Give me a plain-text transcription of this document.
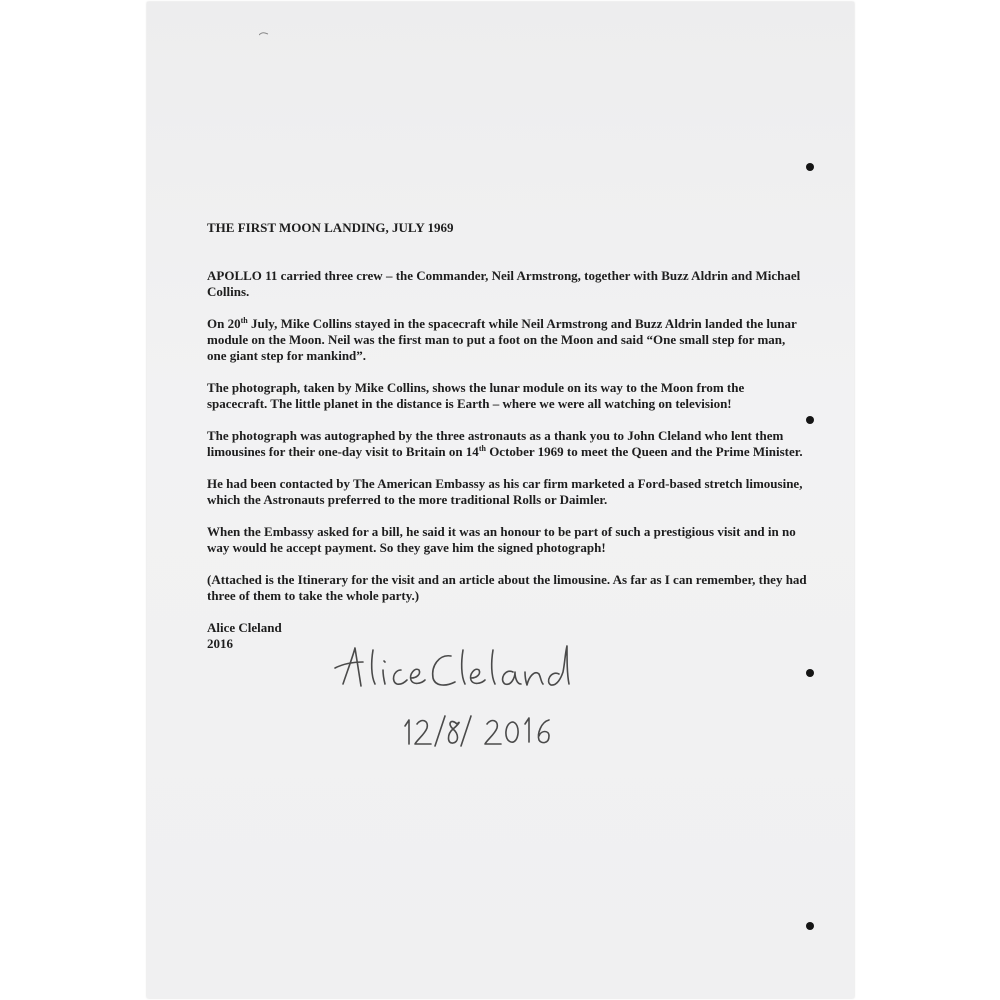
THE FIRST MOON LANDING, JULY 1969

APOLLO 11 carried three crew – the Commander, Neil Armstrong, together with Buzz Aldrin and Michael Collins.

On 20th July, Mike Collins stayed in the spacecraft while Neil Armstrong and Buzz Aldrin landed the lunar module on the Moon. Neil was the first man to put a foot on the Moon and said “One small step for man, one giant step for mankind”.

The photograph, taken by Mike Collins, shows the lunar module on its way to the Moon from the spacecraft. The little planet in the distance is Earth – where we were all watching on television!

The photograph was autographed by the three astronauts as a thank you to John Cleland who lent them limousines for their one-day visit to Britain on 14th October 1969 to meet the Queen and the Prime Minister.

He had been contacted by The American Embassy as his car firm marketed a Ford-based stretch limousine, which the Astronauts preferred to the more traditional Rolls or Daimler.

When the Embassy asked for a bill, he said it was an honour to be part of such a prestigious visit and in no way would he accept payment. So they gave him the signed photograph!

(Attached is the Itinerary for the visit and an article about the limousine. As far as I can remember, they had three of them to take the whole party.)

Alice Cleland
2016
